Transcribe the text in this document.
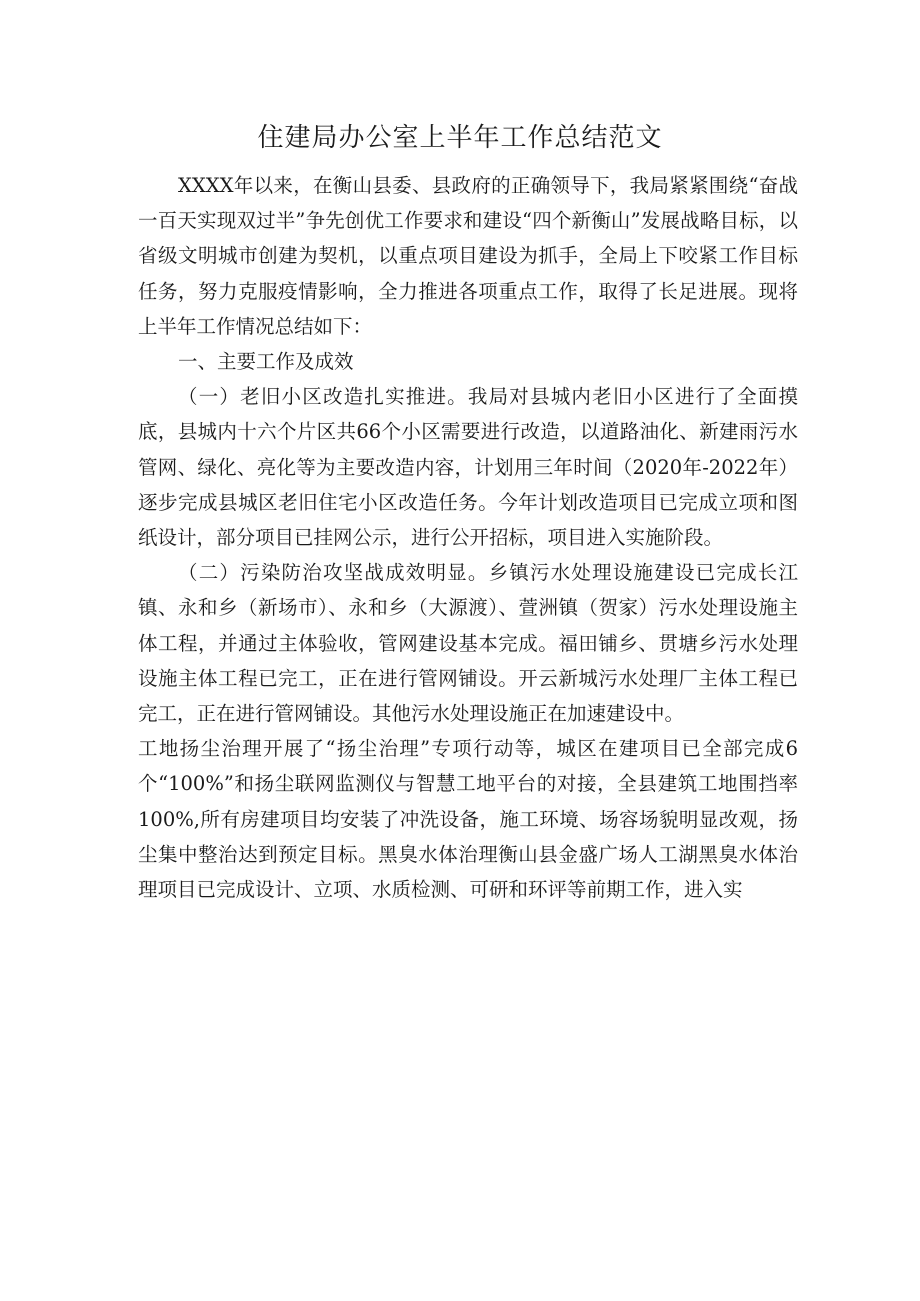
住建局办公室上半年工作总结范文

XXXX年以来，在衡山县委、县政府的正确领导下，我局紧紧围绕“奋战一百天实现双过半”争先创优工作要求和建设“四个新衡山”发展战略目标，以省级文明城市创建为契机，以重点项目建设为抓手，全局上下咬紧工作目标任务，努力克服疫情影响，全力推进各项重点工作，取得了长足进展。现将上半年工作情况总结如下：

一、主要工作及成效

（一）老旧小区改造扎实推进。我局对县城内老旧小区进行了全面摸底，县城内十六个片区共66个小区需要进行改造，以道路油化、新建雨污水管网、绿化、亮化等为主要改造内容，计划用三年时间（2020年-2022年）逐步完成县城区老旧住宅小区改造任务。今年计划改造项目已完成立项和图纸设计，部分项目已挂网公示，进行公开招标，项目进入实施阶段。

（二）污染防治攻坚战成效明显。乡镇污水处理设施建设已完成长江镇、永和乡（新场市）、永和乡（大源渡）、萱洲镇（贺家）污水处理设施主体工程，并通过主体验收，管网建设基本完成。福田铺乡、贯塘乡污水处理设施主体工程已完工，正在进行管网铺设。开云新城污水处理厂主体工程已完工，正在进行管网铺设。其他污水处理设施正在加速建设中。

工地扬尘治理开展了“扬尘治理”专项行动等，城区在建项目已全部完成6个“100%”和扬尘联网监测仪与智慧工地平台的对接，全县建筑工地围挡率100%,所有房建项目均安装了冲洗设备，施工环境、场容场貌明显改观，扬尘集中整治达到预定目标。黑臭水体治理衡山县金盛广场人工湖黑臭水体治理项目已完成设计、立项、水质检测、可研和环评等前期工作，进入实
